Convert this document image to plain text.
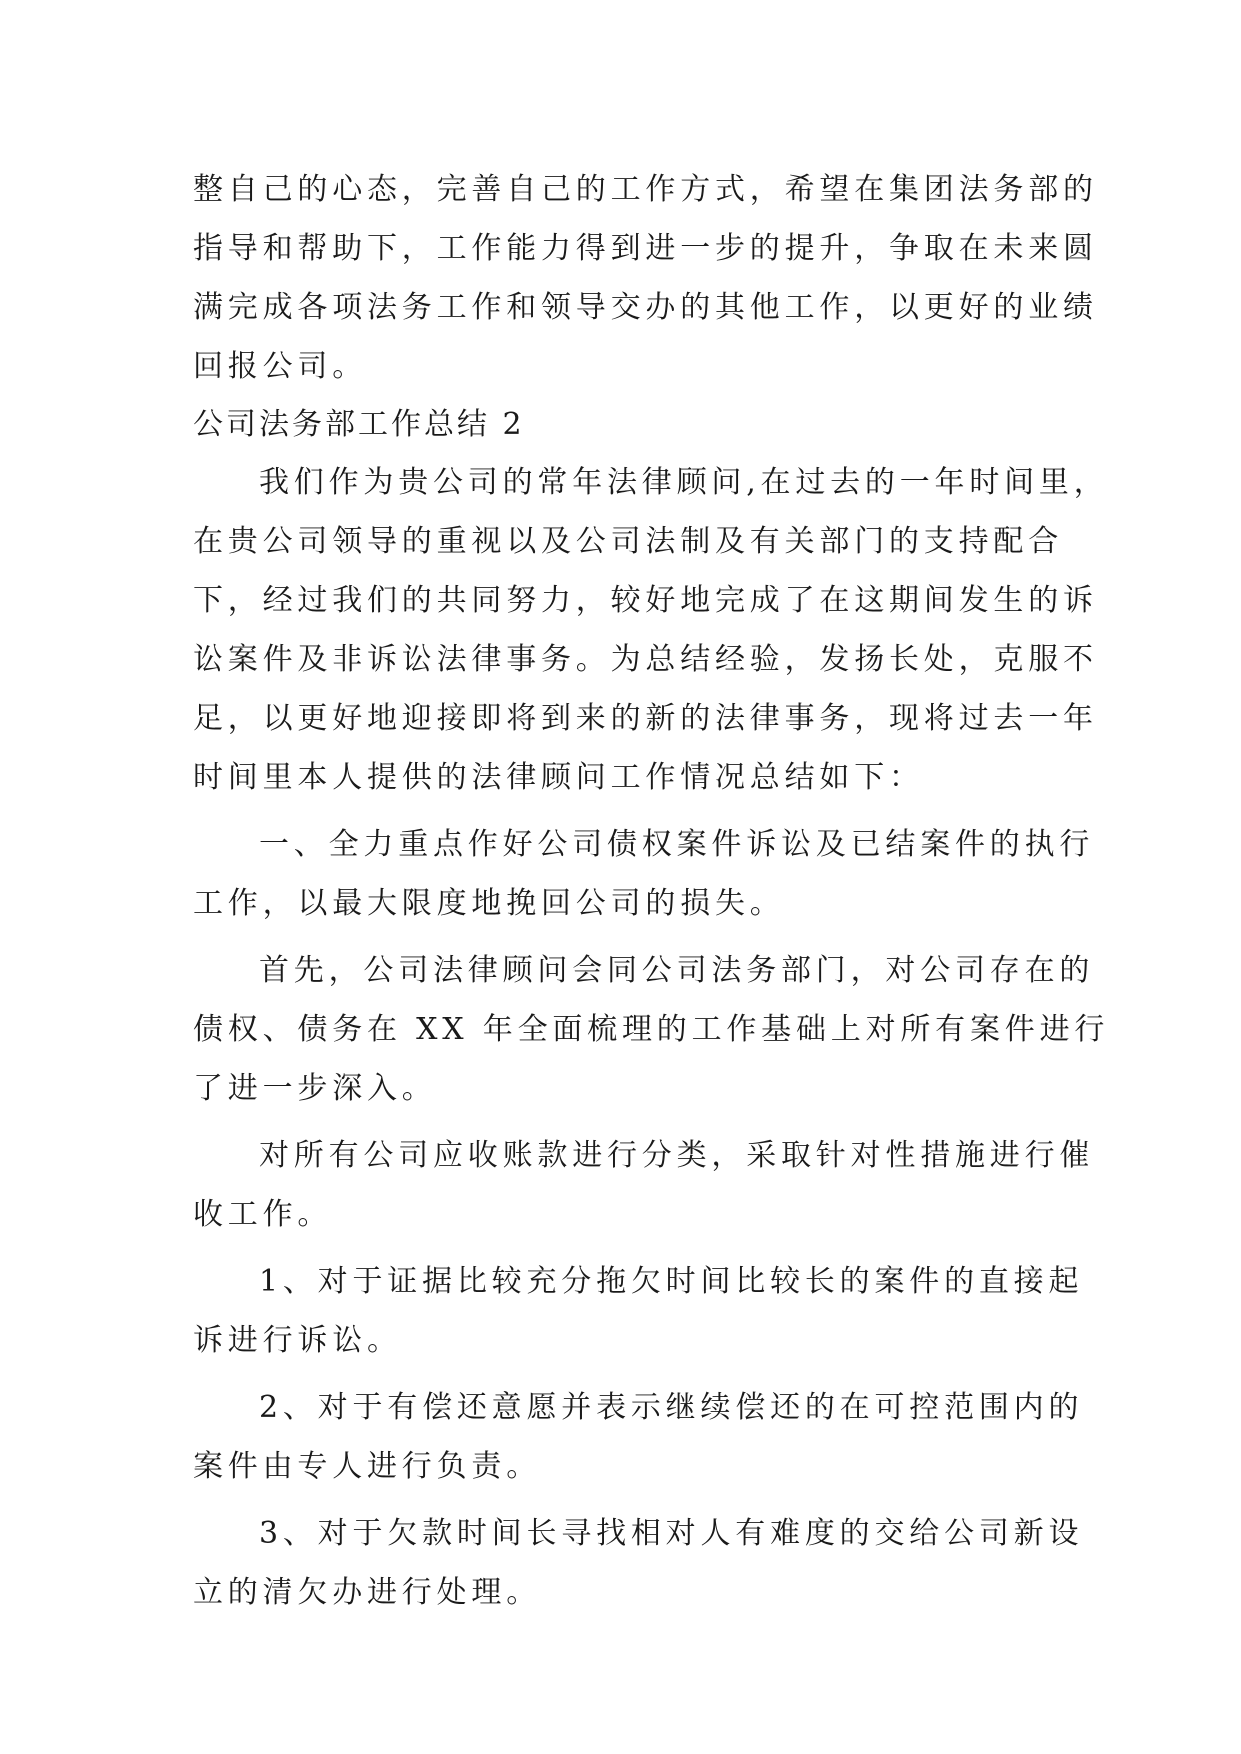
整自己的心态，完善自己的工作方式，希望在集团法务部的
指导和帮助下，工作能力得到进一步的提升，争取在未来圆
满完成各项法务工作和领导交办的其他工作，以更好的业绩
回报公司。
公司法务部工作总结 2
我们作为贵公司的常年法律顾问,在过去的一年时间里，
在贵公司领导的重视以及公司法制及有关部门的支持配合
下，经过我们的共同努力，较好地完成了在这期间发生的诉
讼案件及非诉讼法律事务。为总结经验，发扬长处，克服不
足，以更好地迎接即将到来的新的法律事务，现将过去一年
时间里本人提供的法律顾问工作情况总结如下：
一、全力重点作好公司债权案件诉讼及已结案件的执行
工作，以最大限度地挽回公司的损失。
首先，公司法律顾问会同公司法务部门，对公司存在的
债权、债务在 XX 年全面梳理的工作基础上对所有案件进行
了进一步深入。
对所有公司应收账款进行分类，采取针对性措施进行催
收工作。
1、对于证据比较充分拖欠时间比较长的案件的直接起
诉进行诉讼。
2、对于有偿还意愿并表示继续偿还的在可控范围内的
案件由专人进行负责。
3、对于欠款时间长寻找相对人有难度的交给公司新设
立的清欠办进行处理。
